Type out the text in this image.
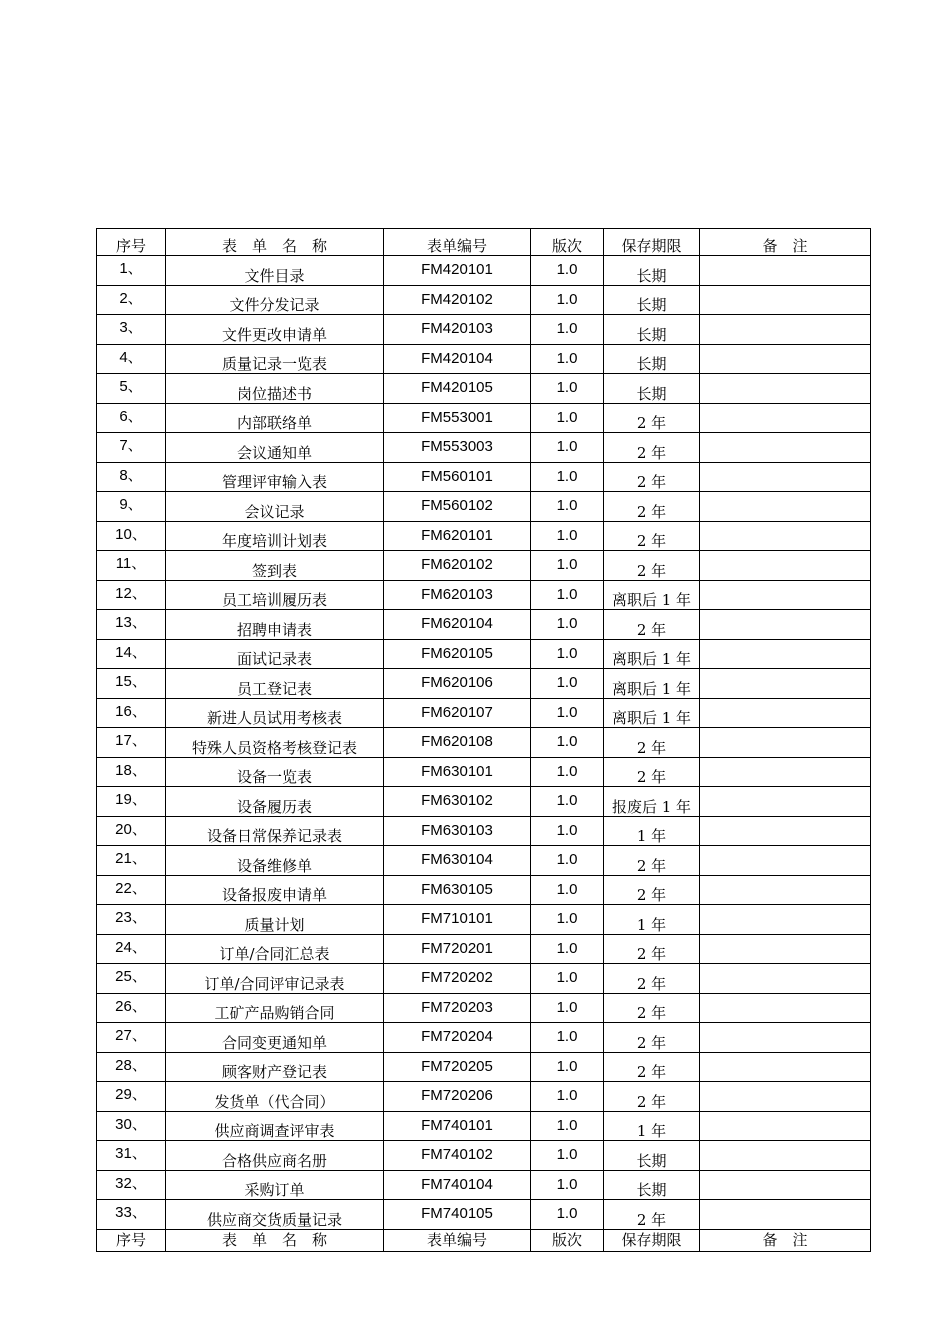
序号	表　单　名　称	表单编号	版次	保存期限	备　注
1、	文件目录	FM420101	1.0	长期	
2、	文件分发记录	FM420102	1.0	长期	
3、	文件更改申请单	FM420103	1.0	长期	
4、	质量记录一览表	FM420104	1.0	长期	
5、	岗位描述书	FM420105	1.0	长期	
6、	内部联络单	FM553001	1.0	2 年	
7、	会议通知单	FM553003	1.0	2 年	
8、	管理评审输入表	FM560101	1.0	2 年	
9、	会议记录	FM560102	1.0	2 年	
10、	年度培训计划表	FM620101	1.0	2 年	
11、	签到表	FM620102	1.0	2 年	
12、	员工培训履历表	FM620103	1.0	离职后 1 年	
13、	招聘申请表	FM620104	1.0	2 年	
14、	面试记录表	FM620105	1.0	离职后 1 年	
15、	员工登记表	FM620106	1.0	离职后 1 年	
16、	新进人员试用考核表	FM620107	1.0	离职后 1 年	
17、	特殊人员资格考核登记表	FM620108	1.0	2 年	
18、	设备一览表	FM630101	1.0	2 年	
19、	设备履历表	FM630102	1.0	报废后 1 年	
20、	设备日常保养记录表	FM630103	1.0	1 年	
21、	设备维修单	FM630104	1.0	2 年	
22、	设备报废申请单	FM630105	1.0	2 年	
23、	质量计划	FM710101	1.0	1 年	
24、	订单/合同汇总表	FM720201	1.0	2 年	
25、	订单/合同评审记录表	FM720202	1.0	2 年	
26、	工矿产品购销合同	FM720203	1.0	2 年	
27、	合同变更通知单	FM720204	1.0	2 年	
28、	顾客财产登记表	FM720205	1.0	2 年	
29、	发货单（代合同）	FM720206	1.0	2 年	
30、	供应商调查评审表	FM740101	1.0	1 年	
31、	合格供应商名册	FM740102	1.0	长期	
32、	采购订单	FM740104	1.0	长期	
33、	供应商交货质量记录	FM740105	1.0	2 年	
序号	表　单　名　称	表单编号	版次	保存期限	备　注
